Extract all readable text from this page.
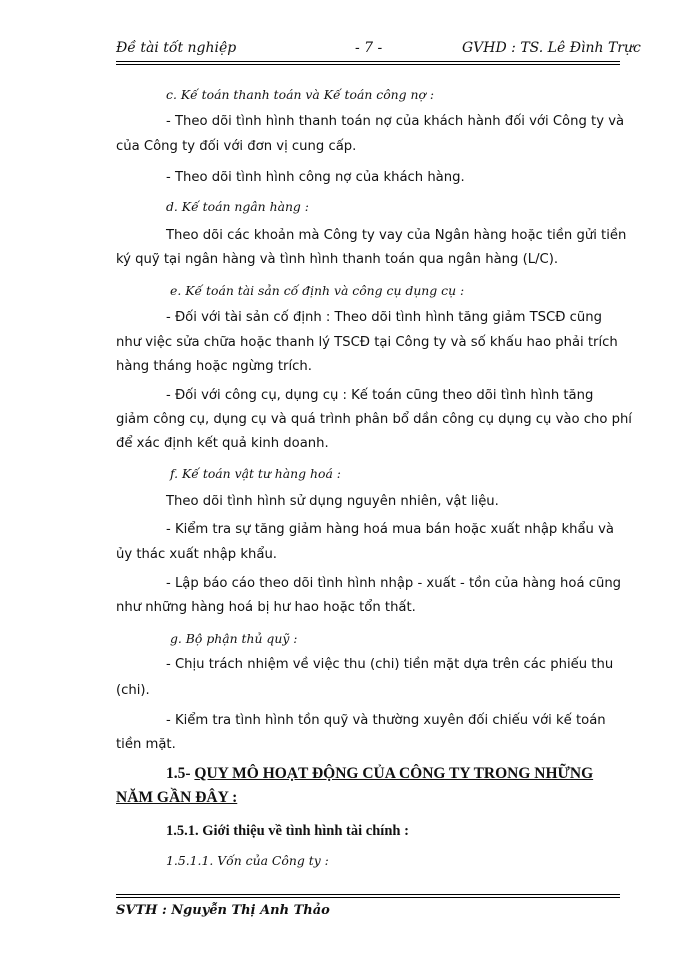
Đề tài tốt nghiệp	- 7 -	GVHD : TS. Lê Đình Trực
c. Kế toán thanh toán và Kế toán công nợ :
- Theo dõi tình hình thanh toán nợ của khách hành đối với Công ty và
của Công ty đối với đơn vị cung cấp.
- Theo dõi tình hình công nợ của khách hàng.
d. Kế toán ngân hàng :
Theo dõi các khoản mà Công ty vay của Ngân hàng hoặc tiền gửi tiền
ký quỹ tại ngân hàng và tình hình thanh toán qua ngân hàng (L/C).
e. Kế toán tài sản cố định và công cụ dụng cụ :
- Đối với tài sản cố định : Theo dõi tình hình tăng giảm TSCĐ cũng
như việc sửa chữa hoặc thanh lý TSCĐ tại Công ty và số khấu hao phải trích
hàng tháng hoặc ngừng trích.
- Đối với công cụ, dụng cụ : Kế toán cũng theo dõi tình hình tăng
giảm công cụ, dụng cụ và quá trình phân bổ dần công cụ dụng cụ vào cho phí
để xác định kết quả kinh doanh.
f. Kế toán vật tư hàng hoá :
Theo dõi tình hình sử dụng nguyên nhiên, vật liệu.
- Kiểm tra sự tăng giảm hàng hoá mua bán hoặc xuất nhập khẩu và
ủy thác xuất nhập khẩu.
- Lập báo cáo theo dõi tình hình nhập - xuất - tồn của hàng hoá cũng
như những hàng hoá bị hư hao hoặc tổn thất.
g. Bộ phận thủ quỹ :
- Chịu trách nhiệm về việc thu (chi) tiền mặt dựa trên các phiếu thu
(chi).
- Kiểm tra tình hình tồn quỹ và thường xuyên đối chiếu với kế toán
tiền mặt.
1.5- QUY MÔ HOẠT ĐỘNG CỦA CÔNG TY TRONG NHỮNG
NĂM GẦN ĐÂY :
1.5.1. Giới thiệu về tình hình tài chính :
1.5.1.1. Vốn của Công ty :
SVTH : Nguyễn Thị Anh Thảo
